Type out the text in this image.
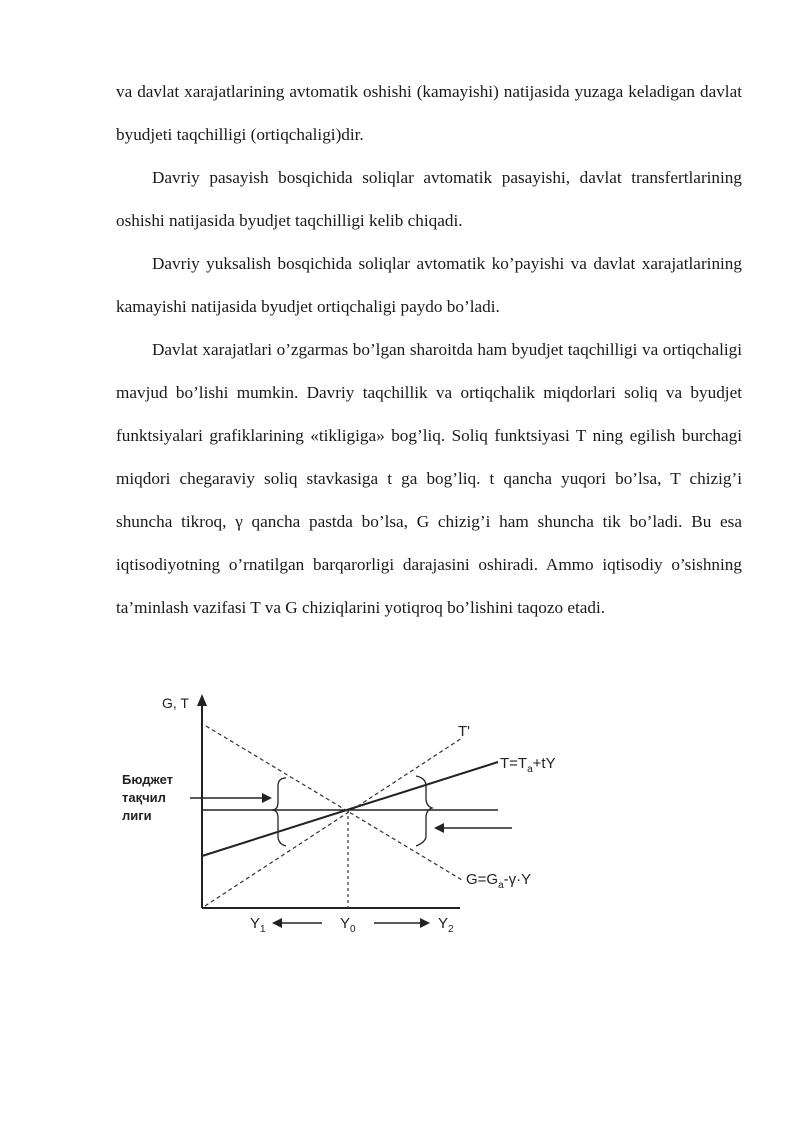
va davlat xarajatlarining avtomatik oshishi (kamayishi) natijasida yuzaga keladigan davlat byudjeti taqchilligi (ortiqchaligi)dir.

Davriy pasayish bosqichida soliqlar avtomatik pasayishi, davlat transfertlarining oshishi natijasida byudjet taqchilligi kelib chiqadi.

Davriy yuksalish bosqichida soliqlar avtomatik ko’payishi va davlat xarajatlarining kamayishi natijasida byudjet ortiqchaligi paydo bo’ladi.

Davlat xarajatlari o’zgarmas bo’lgan sharoitda ham byudjet taqchilligi va ortiqchaligi mavjud bo’lishi mumkin. Davriy taqchillik va ortiqchalik miqdorlari soliq va byudjet funktsiyalari grafiklarining «tikligiga» bog’liq. Soliq funktsiyasi T ning egilish burchagi miqdori chegaraviy soliq stavkasiga t ga bog’liq. t qancha yuqori bo’lsa, T chizig’i shuncha tikroq, γ qancha pastda bo’lsa, G chizig’i ham shuncha tik bo’ladi. Bu esa iqtisodiyotning o’rnatilgan barqarorligi darajasini oshiradi. Ammo iqtisodiy o’sishning ta’minlash vazifasi T va G chiziqlarini yotiqroq bo’lishini taqozo etadi.

G, T
Бюджет
тақчил
лиги
T'
$T=T_a+tY$
$G=G_a-\gamma\cdot Y$
$Y_1$	$Y_0$	$Y_2$
